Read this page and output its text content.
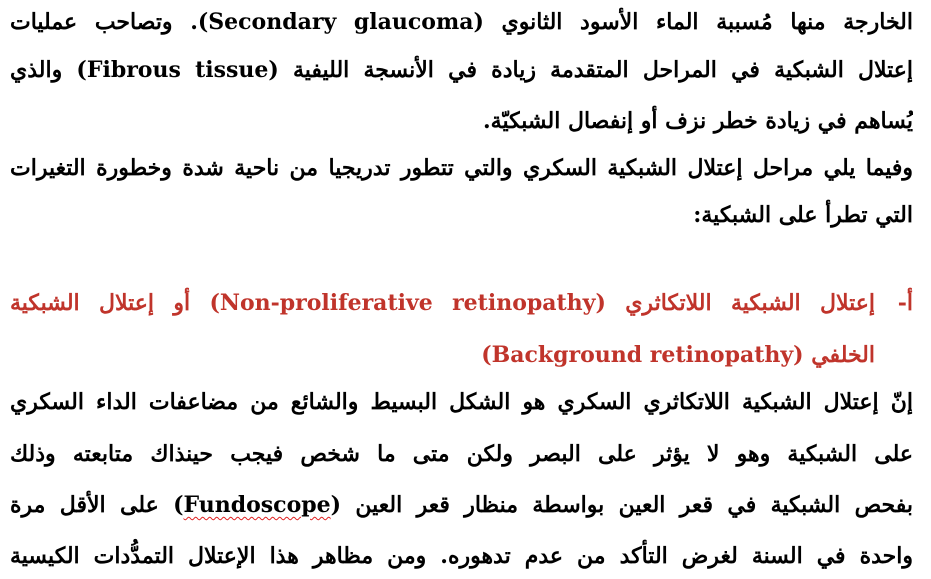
الخارجة منها مُسببة الماء الأسود الثانوي (Secondary glaucoma). وتصاحب عمليات
إعتلال الشبكية في المراحل المتقدمة زيادة في الأنسجة الليفية (Fibrous tissue) والذي
يُساهم في زيادة خطر نزف أو إنفصال الشبكيّة.
وفيما يلي مراحل إعتلال الشبكية السكري والتي تتطور تدريجيا من ناحية شدة وخطورة التغيرات
التي تطرأ على الشبكية:
أ-
إعتلال الشبكية اللاتكاثري (Non-proliferative retinopathy) أو إعتلال الشبكية
الخلفي (Background retinopathy)
إنّ إعتلال الشبكية اللاتكاثري السكري هو الشكل البسيط والشائع من مضاعفات الداء السكري
على الشبكية وهو لا يؤثر على البصر ولكن متى ما شخص فيجب حينذاك متابعته وذلك
بفحص الشبكية في قعر العين بواسطة منظار قعر العين (Fundoscope) على الأقل مرة
واحدة في السنة لغرض التأكد من عدم تدهوره. ومن مظاهر هذا الإعتلال التمدُّدات الكيسية
